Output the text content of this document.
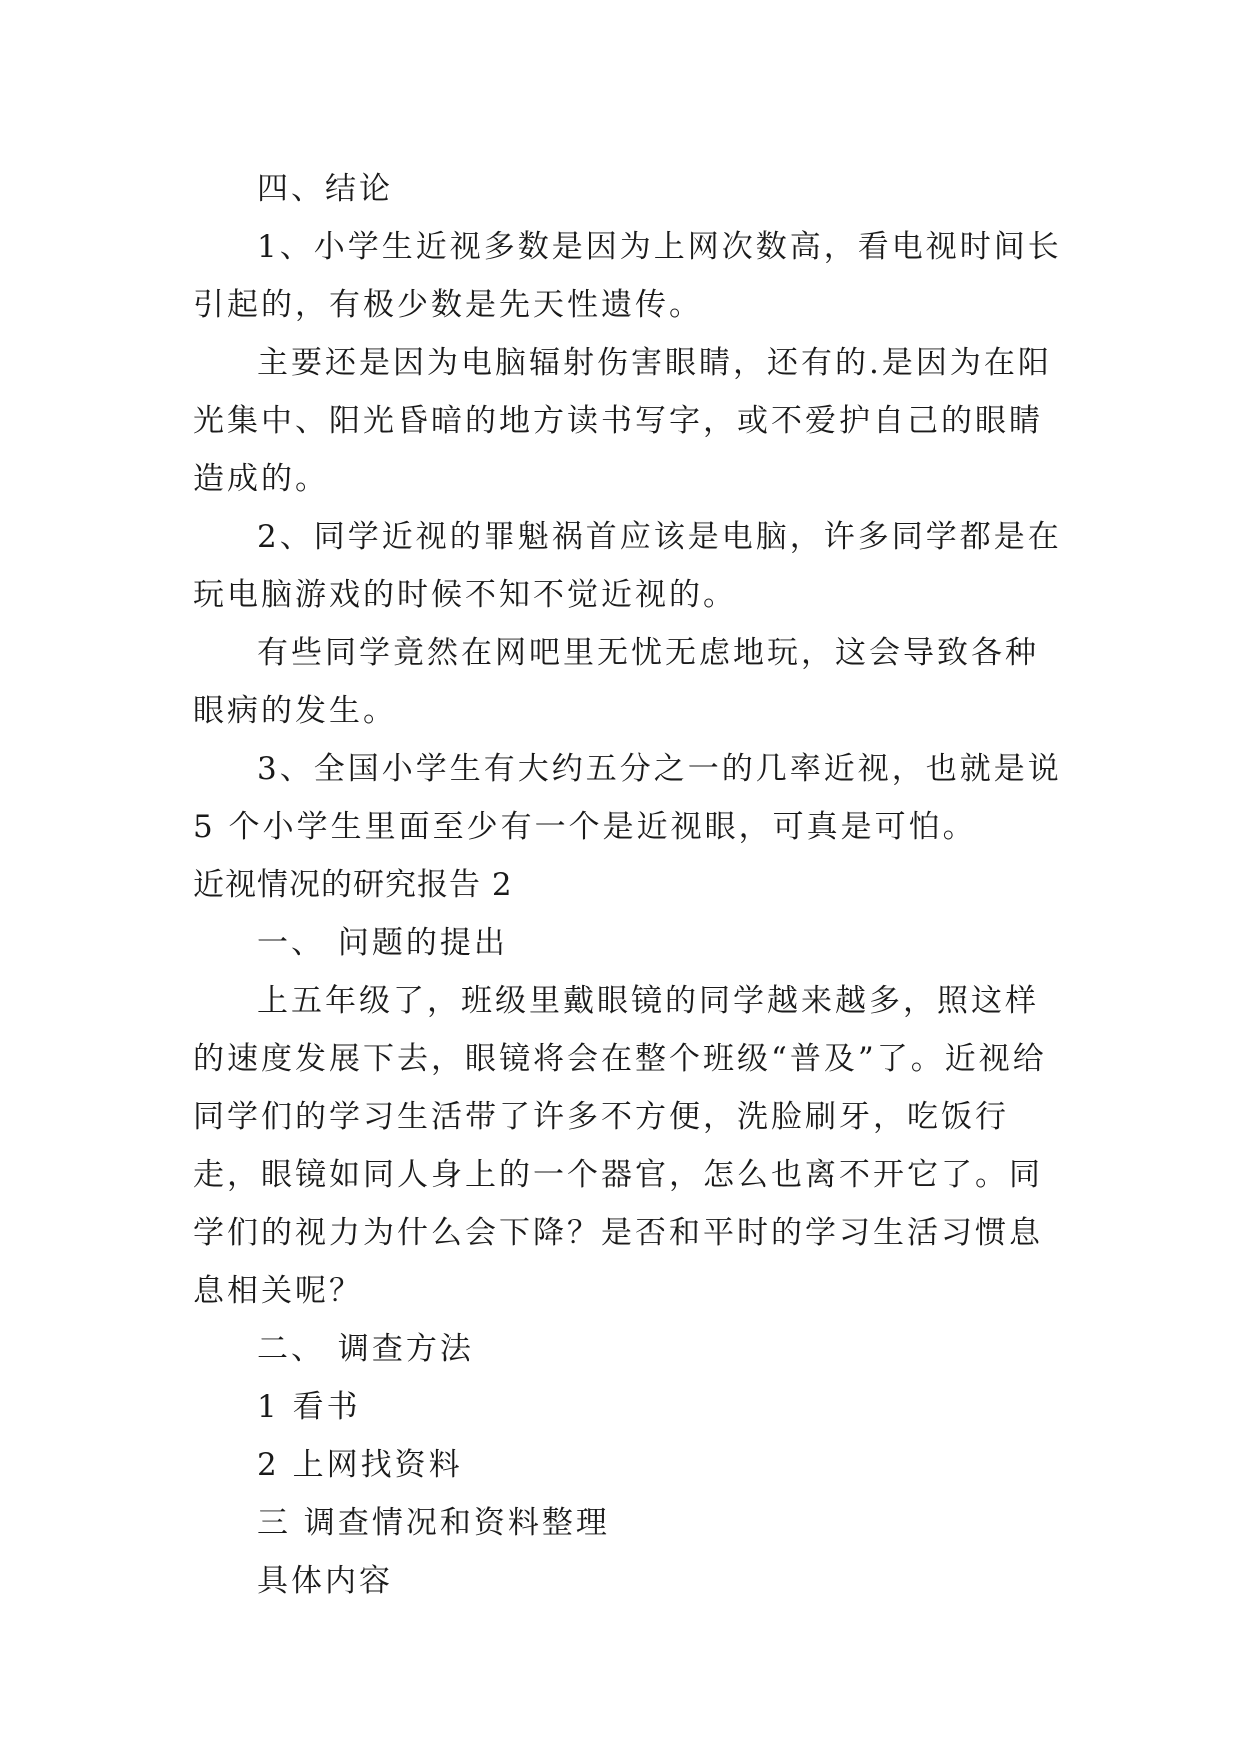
四、结论

1、小学生近视多数是因为上网次数高，看电视时间长引起的，有极少数是先天性遗传。

主要还是因为电脑辐射伤害眼睛，还有的.是因为在阳光集中、阳光昏暗的地方读书写字，或不爱护自己的眼睛造成的。

2、同学近视的罪魁祸首应该是电脑，许多同学都是在玩电脑游戏的时候不知不觉近视的。

有些同学竟然在网吧里无忧无虑地玩，这会导致各种眼病的发生。

3、全国小学生有大约五分之一的几率近视，也就是说 5 个小学生里面至少有一个是近视眼，可真是可怕。

近视情况的研究报告 2

一、 问题的提出

上五年级了，班级里戴眼镜的同学越来越多，照这样的速度发展下去，眼镜将会在整个班级“普及”了。近视给同学们的学习生活带了许多不方便，洗脸刷牙，吃饭行走，眼镜如同人身上的一个器官，怎么也离不开它了。同学们的视力为什么会下降？是否和平时的学习生活习惯息息相关呢？

二、 调查方法

1 看书

2 上网找资料

三 调查情况和资料整理

具体内容
